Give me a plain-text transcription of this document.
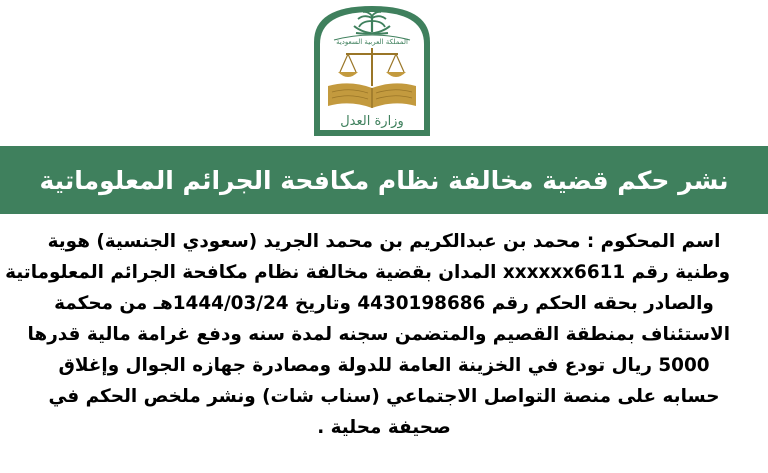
المملكة العربية السعودية
وزارة العدل
نشر حكم قضية مخالفة نظام مكافحة الجرائم المعلوماتية
اسم المحكوم : محمد بن عبدالكريم بن محمد الجريد (سعودي الجنسية) هوية
وطنية رقم xxxxxx6611 المدان بقضية مخالفة نظام مكافحة الجرائم المعلوماتية
والصادر بحقه الحكم رقم 4430198686 وتاريخ 1444/03/24هـ من محكمة
الاستئناف بمنطقة القصيم والمتضمن سجنه لمدة سنه ودفع غرامة مالية قدرها
5000 ريال تودع في الخزينة العامة للدولة ومصادرة جهازه الجوال وإغلاق
حسابه على منصة التواصل الاجتماعي (سناب شات) ونشر ملخص الحكم في
صحيفة محلية .
